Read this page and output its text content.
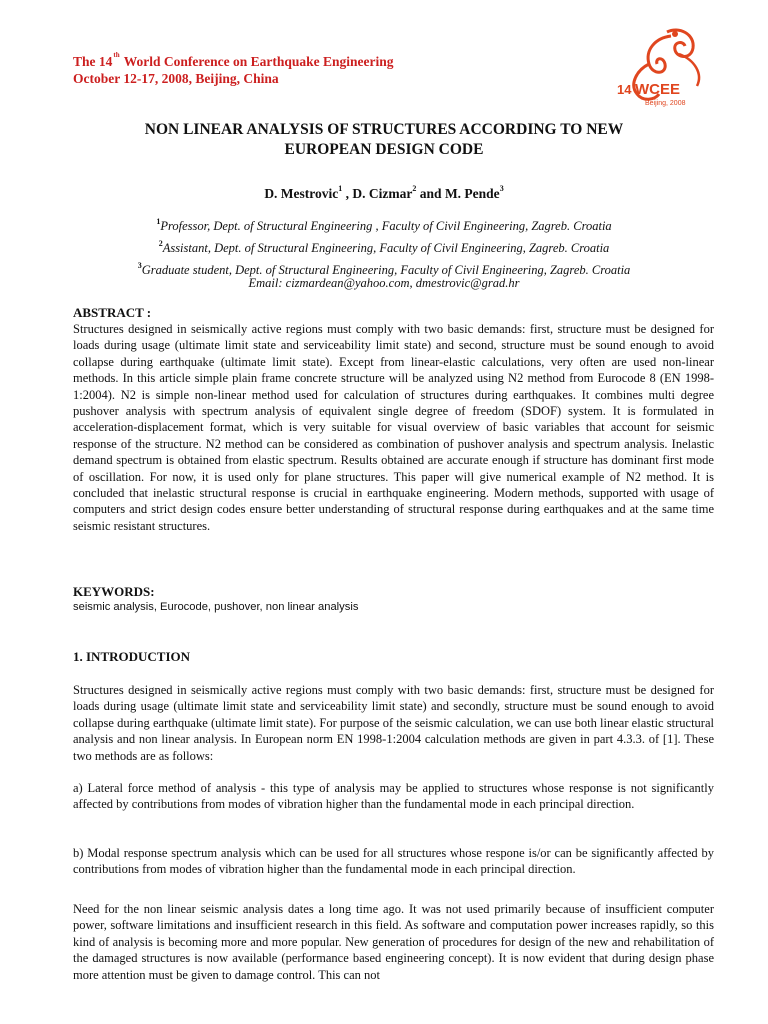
The 14th World Conference on Earthquake Engineering
October 12-17, 2008, Beijing, China
14 WCEE
Beijing, 2008
NON LINEAR ANALYSIS OF STRUCTURES ACCORDING TO NEW
EUROPEAN DESIGN CODE
D. Mestrovic$^1$ , D. Cizmar$^2$ and M. Pende$^3$
$^1$Professor, Dept. of Structural Engineering , Faculty of Civil Engineering, Zagreb. Croatia
$^2$Assistant, Dept. of Structural Engineering, Faculty of Civil Engineering, Zagreb. Croatia
$^3$Graduate student, Dept. of Structural Engineering, Faculty of Civil Engineering, Zagreb. Croatia
Email: cizmardean@yahoo.com, dmestrovic@grad.hr
ABSTRACT :
Structures designed in seismically active regions must comply with two basic demands: first, structure must be designed for loads during usage (ultimate limit state and serviceability limit state) and second, structure must be sound enough to avoid collapse during earthquake (ultimate limit state). Except from linear-elastic calculations, very often are used non-linear methods. In this article simple plain frame concrete structure will be analyzed using N2 method from Eurocode 8 (EN 1998-1:2004). N2 is simple non-linear method used for calculation of structures during earthquakes. It combines multi degree pushover analysis with spectrum analysis of equivalent single degree of freedom (SDOF) system. It is formulated in acceleration-displacement format, which is very suitable for visual overview of basic variables that account for seismic response of the structure. N2 method can be considered as combination of pushover analysis and spectrum analysis. Inelastic demand spectrum is obtained from elastic spectrum. Results obtained are accurate enough if structure has dominant first mode of oscillation. For now, it is used only for plane structures. This paper will give numerical example of N2 method. It is concluded that inelastic structural response is crucial in earthquake engineering. Modern methods, supported with usage of computers and strict design codes ensure better understanding of structural response during earthquakes and at the same time seismic resistant structures.
KEYWORDS:
seismic analysis, Eurocode, pushover, non linear analysis
1. INTRODUCTION
Structures designed in seismically active regions must comply with two basic demands: first, structure must be designed for loads during usage (ultimate limit state and serviceability limit state) and secondly, structure must be sound enough to avoid collapse during earthquake (ultimate limit state). For purpose of the seismic calculation, we can use both linear elastic structural analysis and non linear analysis. In European norm EN 1998-1:2004 calculation methods are given in part 4.3.3. of [1]. These two methods are as follows:
a) Lateral force method of analysis - this type of analysis may be applied to structures whose response is not significantly affected by contributions from modes of vibration higher than the fundamental mode in each principal direction.
b) Modal response spectrum analysis which can be used for all structures whose respone is/or can be significantly affected by contributions from modes of vibration higher than the fundamental mode in each principal direction.
Need for the non linear seismic analysis dates a long time ago. It was not used primarily because of insufficient computer power, software limitations and insufficient research in this field. As software and computation power increases rapidly, so this kind of analysis is becoming more and more popular. New generation of procedures for design of the new and rehabilitation of the damaged structures is now available (performance based engineering concept). It is now evident that during design phase more attention must be given to damage control. This can not
